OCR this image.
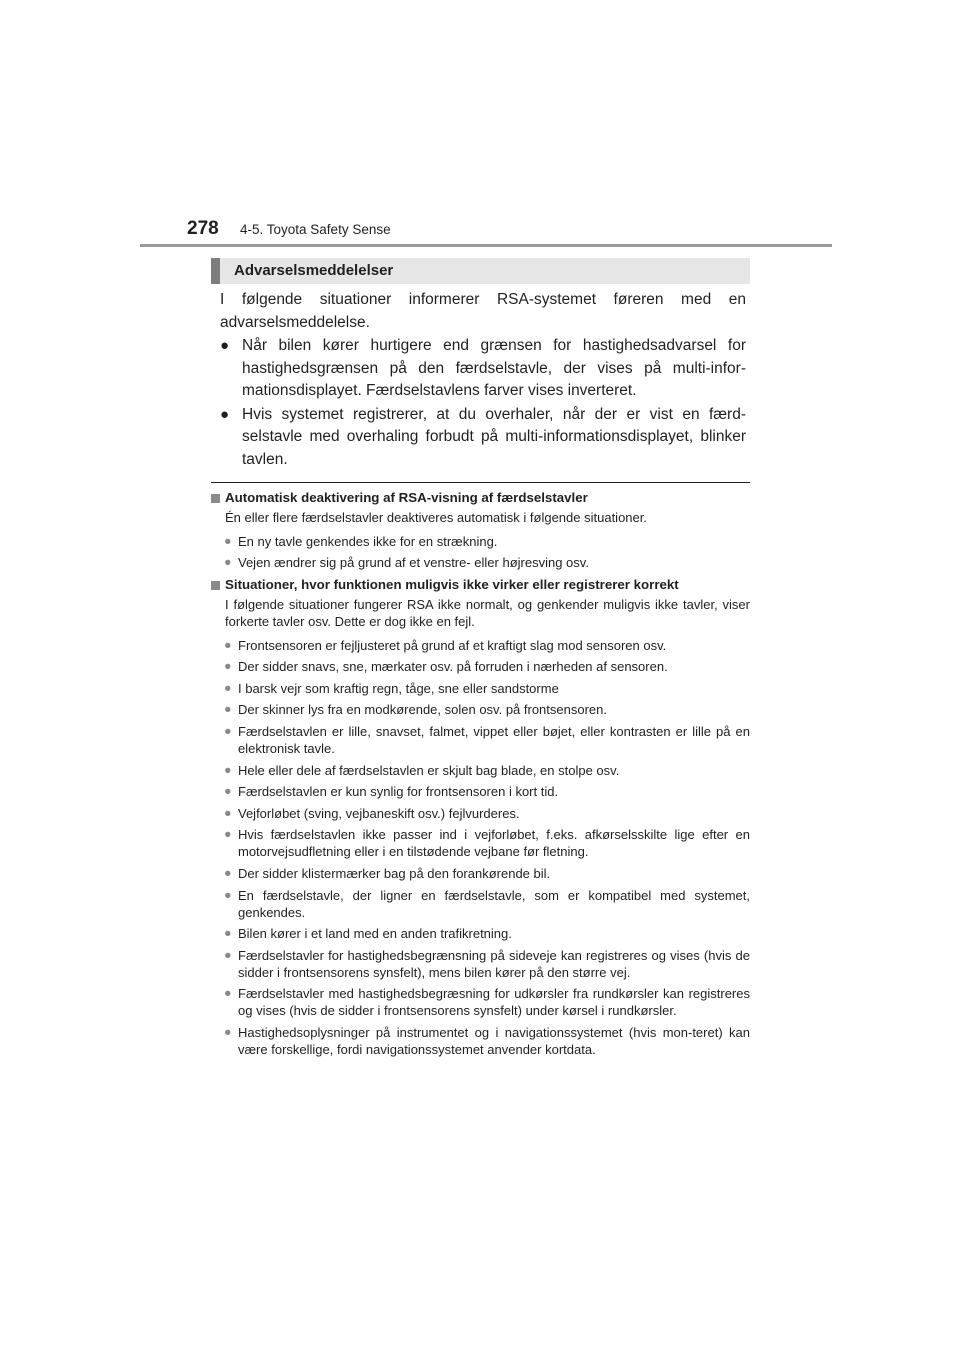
278 4-5. Toyota Safety Sense
Advarselsmeddelelser
I følgende situationer informerer RSA-systemet føreren med en advarselsmeddelelse.
● Når bilen kører hurtigere end grænsen for hastighedsadvarsel for hastighedsgrænsen på den færdselstavle, der vises på multi-infor-mationsdisplayet. Færdselstavlens farver vises inverteret.
● Hvis systemet registrerer, at du overhaler, når der er vist en færd-selstavle med overhaling forbudt på multi-informationsdisplayet, blinker tavlen.
Automatisk deaktivering af RSA-visning af færdselstavler
Én eller flere færdselstavler deaktiveres automatisk i følgende situationer.
● En ny tavle genkendes ikke for en strækning.
● Vejen ændrer sig på grund af et venstre- eller højresving osv.
Situationer, hvor funktionen muligvis ikke virker eller registrerer korrekt
I følgende situationer fungerer RSA ikke normalt, og genkender muligvis ikke tavler, viser forkerte tavler osv. Dette er dog ikke en fejl.
● Frontsensoren er fejljusteret på grund af et kraftigt slag mod sensoren osv.
● Der sidder snavs, sne, mærkater osv. på forruden i nærheden af sensoren.
● I barsk vejr som kraftig regn, tåge, sne eller sandstorme
● Der skinner lys fra en modkørende, solen osv. på frontsensoren.
● Færdselstavlen er lille, snavset, falmet, vippet eller bøjet, eller kontrasten er lille på en elektronisk tavle.
● Hele eller dele af færdselstavlen er skjult bag blade, en stolpe osv.
● Færdselstavlen er kun synlig for frontsensoren i kort tid.
● Vejforløbet (sving, vejbaneskift osv.) fejlvurderes.
● Hvis færdselstavlen ikke passer ind i vejforløbet, f.eks. afkørselsskilte lige efter en motorvejsudfletning eller i en tilstødende vejbane før fletning.
● Der sidder klistermærker bag på den forankørende bil.
● En færdselstavle, der ligner en færdselstavle, som er kompatibel med systemet, genkendes.
● Bilen kører i et land med en anden trafikretning.
● Færdselstavler for hastighedsbegrænsning på sideveje kan registreres og vises (hvis de sidder i frontsensorens synsfelt), mens bilen kører på den større vej.
● Færdselstavler med hastighedsbegræsning for udkørsler fra rundkørsler kan registreres og vises (hvis de sidder i frontsensorens synsfelt) under kørsel i rundkørsler.
● Hastighedsoplysninger på instrumentet og i navigationssystemet (hvis mon-teret) kan være forskellige, fordi navigationssystemet anvender kortdata.
